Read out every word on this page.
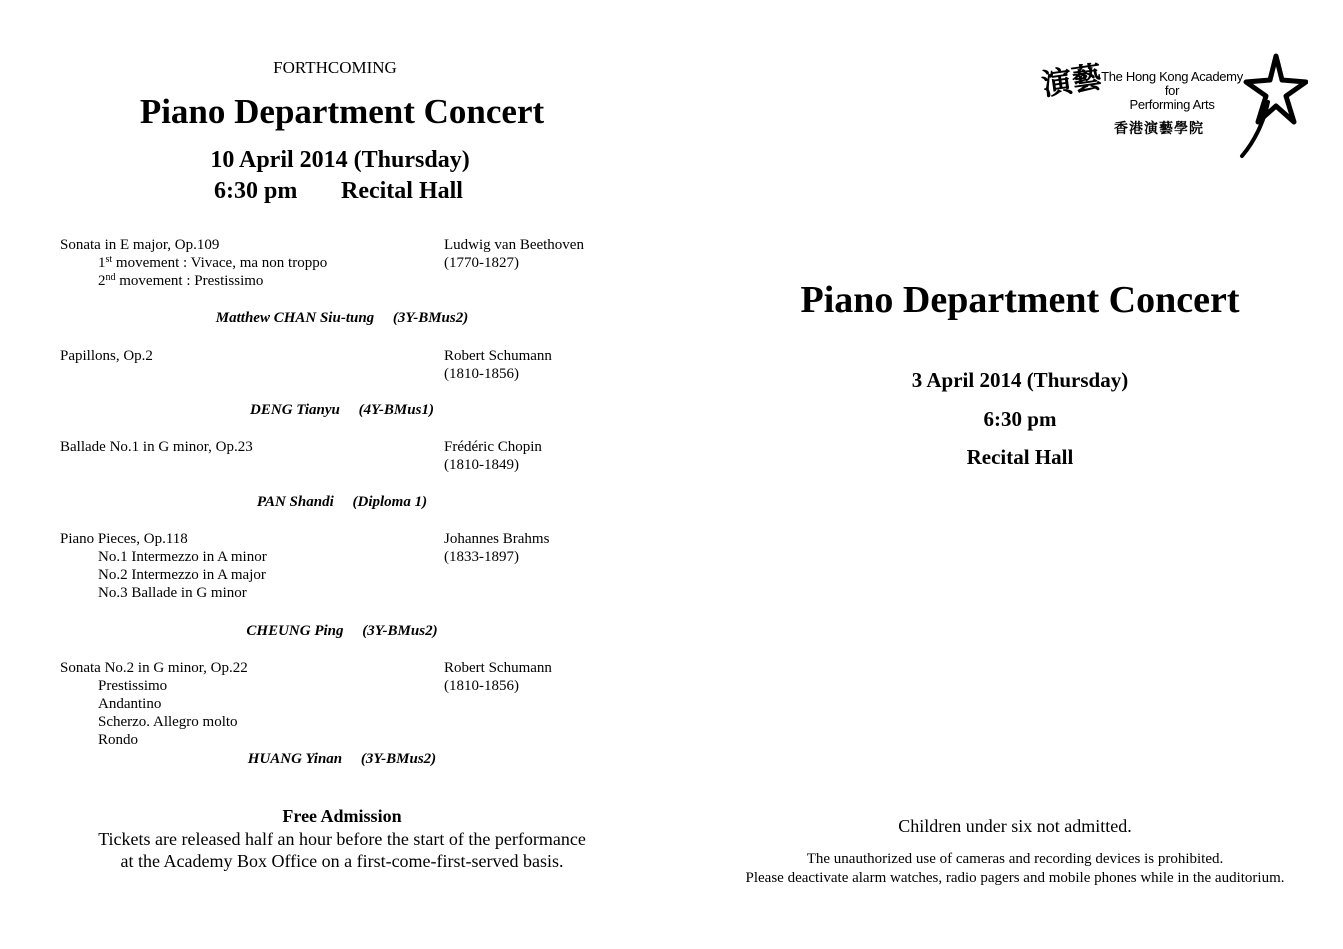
FORTHCOMING
Piano Department Concert
10 April 2014 (Thursday)
6:30 pm Recital Hall
Sonata in E major, Op.109
1st movement : Vivace, ma non troppo
2nd movement : Prestissimo
Ludwig van Beethoven
(1770-1827)
Matthew CHAN Siu-tung     (3Y-BMus2)
Papillons, Op.2	Robert Schumann
(1810-1856)
DENG Tianyu     (4Y-BMus1)
Ballade No.1 in G minor, Op.23	Frédéric Chopin
(1810-1849)
PAN Shandi     (Diploma 1)
Piano Pieces, Op.118
No.1 Intermezzo in A minor
No.2 Intermezzo in A major
No.3 Ballade in G minor
Johannes Brahms
(1833-1897)
CHEUNG Ping     (3Y-BMus2)
Sonata No.2 in G minor, Op.22
Prestissimo
Andantino
Scherzo. Allegro molto
Rondo
Robert Schumann
(1810-1856)
HUANG Yinan     (3Y-BMus2)
Free Admission
Tickets are released half an hour before the start of the performance
at the Academy Box Office on a first-come-first-served basis.
演藝
The Hong Kong Academy
for
Performing Arts
香港演藝學院
Piano Department Concert
3 April 2014 (Thursday)
6:30 pm
Recital Hall
Children under six not admitted.
The unauthorized use of cameras and recording devices is prohibited.
Please deactivate alarm watches, radio pagers and mobile phones while in the auditorium.
